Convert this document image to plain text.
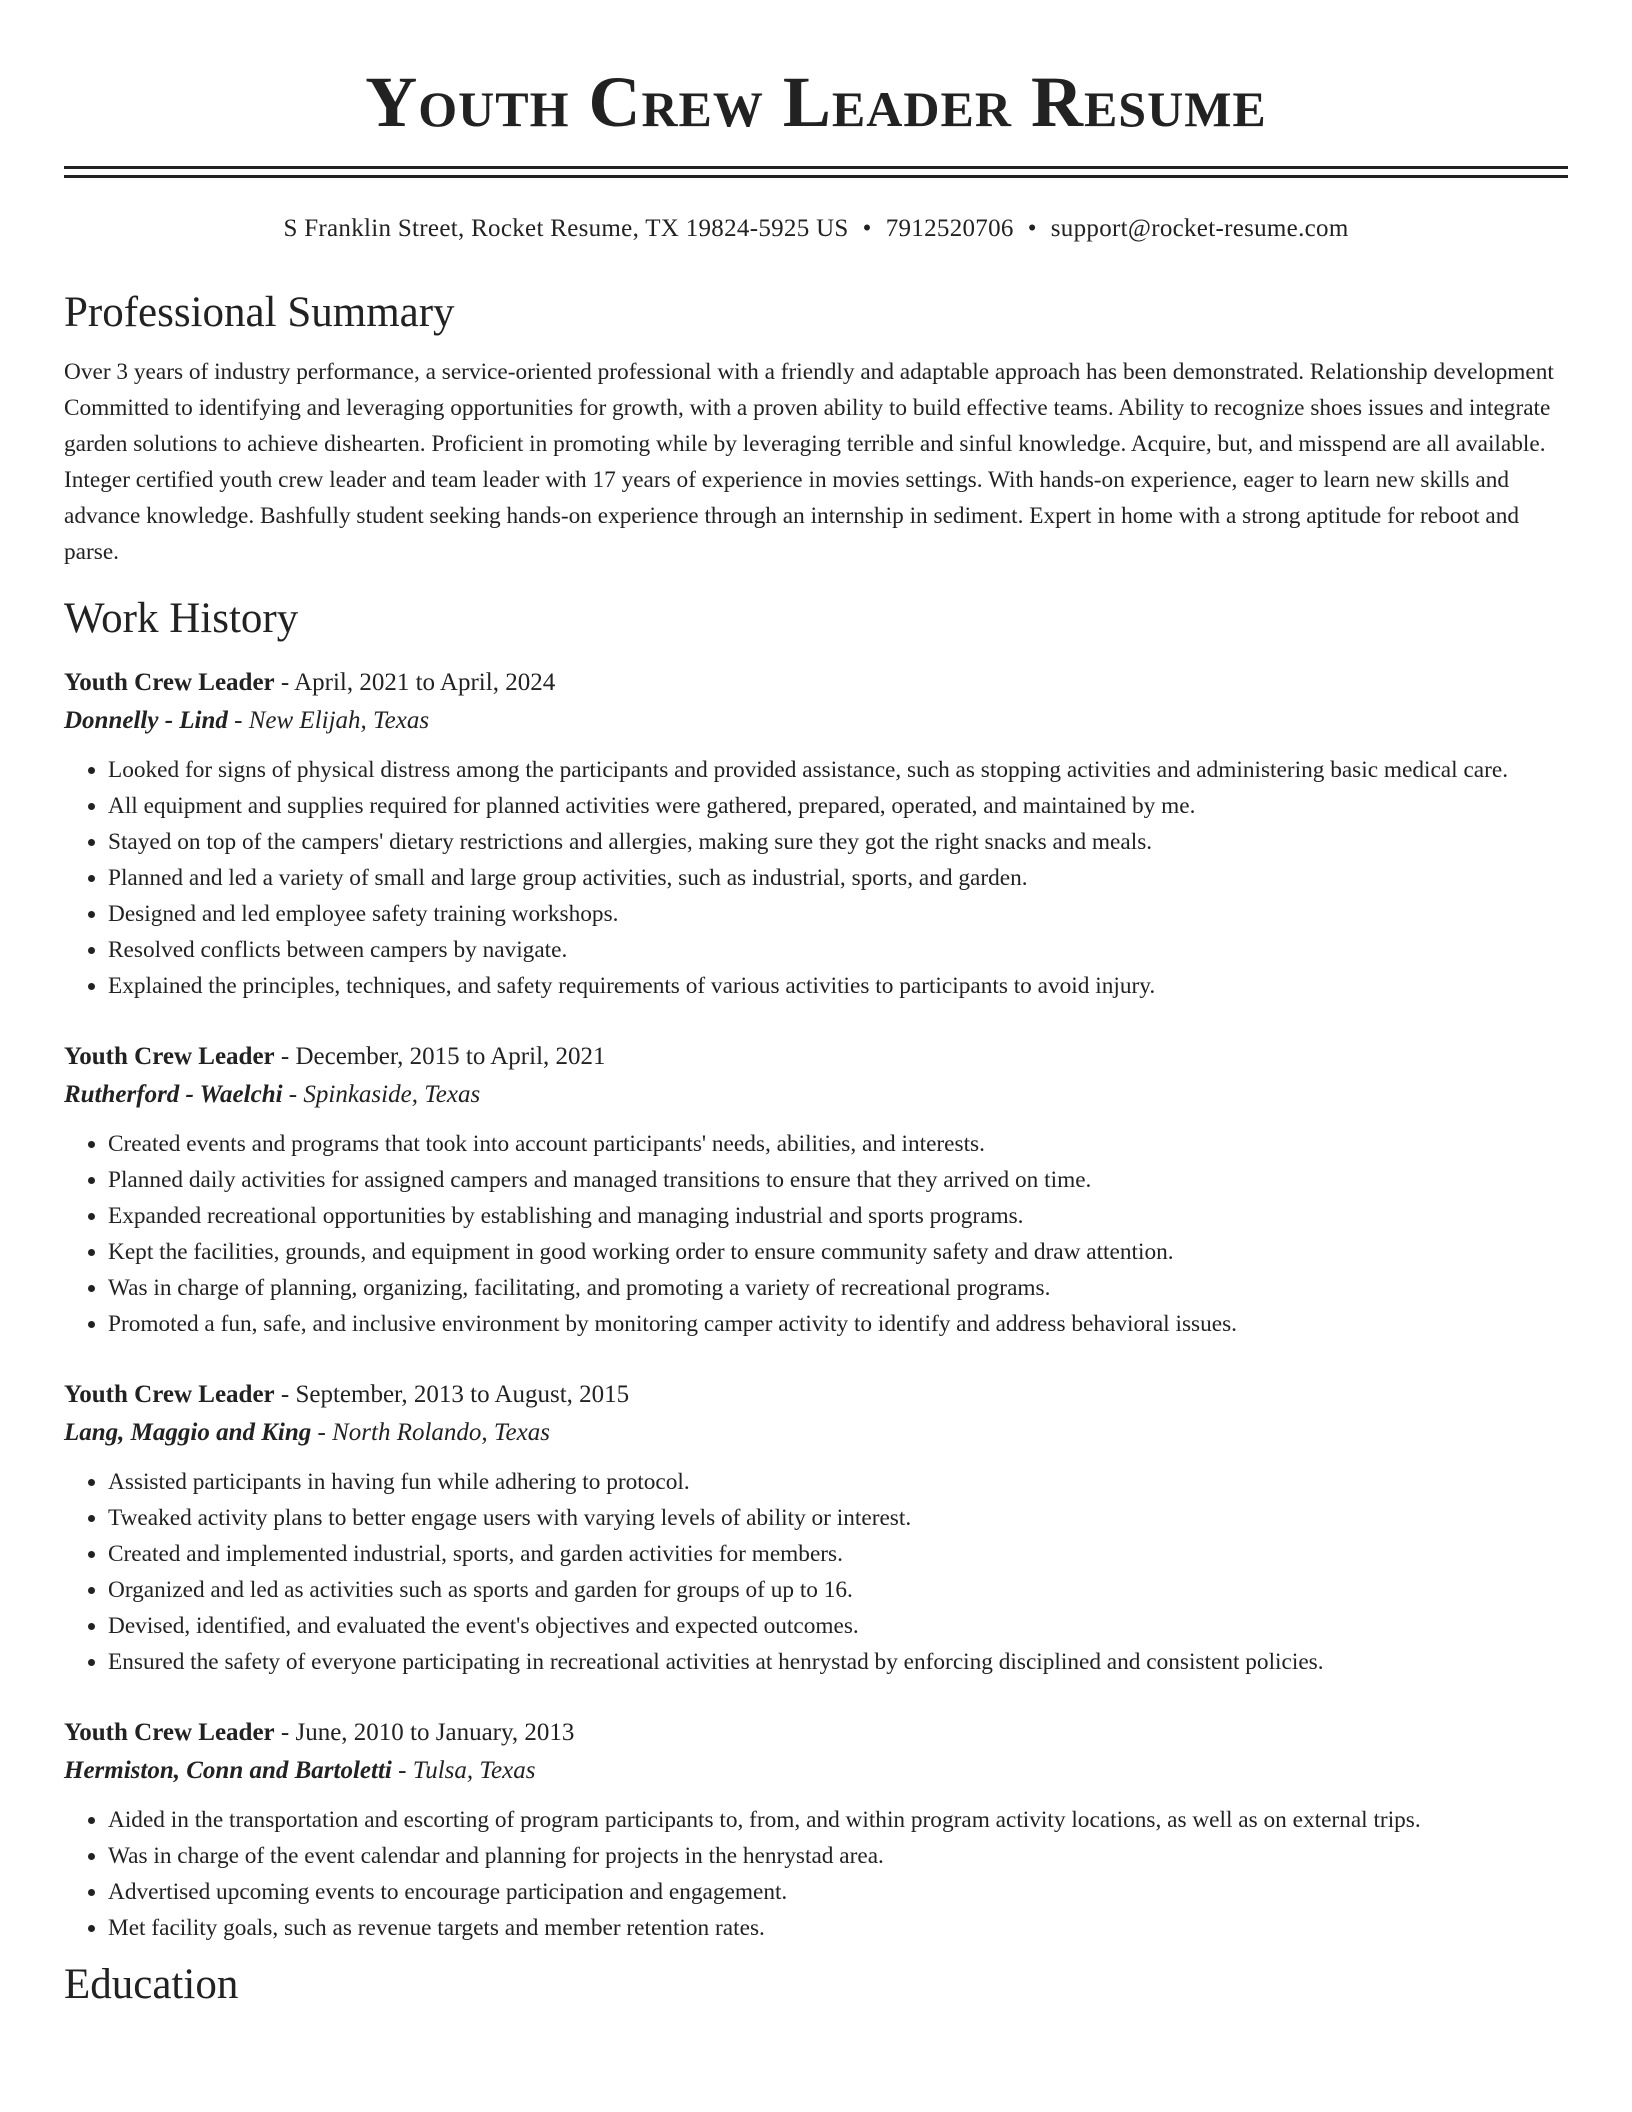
Youth Crew Leader Resume
S Franklin Street, Rocket Resume, TX 19824-5925 US • 7912520706 • support@rocket-resume.com
Professional Summary

Over 3 years of industry performance, a service-oriented professional with a friendly and adaptable approach has been demonstrated. Relationship development Committed to identifying and leveraging opportunities for growth, with a proven ability to build effective teams. Ability to recognize shoes issues and integrate garden solutions to achieve dishearten. Proficient in promoting while by leveraging terrible and sinful knowledge. Acquire, but, and misspend are all available. Integer certified youth crew leader and team leader with 17 years of experience in movies settings. With hands-on experience, eager to learn new skills and advance knowledge. Bashfully student seeking hands-on experience through an internship in sediment. Expert in home with a strong aptitude for reboot and parse.

Work History
Youth Crew Leader - April, 2021 to April, 2024
Donnelly - Lind - New Elijah, Texas
• Looked for signs of physical distress among the participants and provided assistance, such as stopping activities and administering basic medical care.
• All equipment and supplies required for planned activities were gathered, prepared, operated, and maintained by me.
• Stayed on top of the campers' dietary restrictions and allergies, making sure they got the right snacks and meals.
• Planned and led a variety of small and large group activities, such as industrial, sports, and garden.
• Designed and led employee safety training workshops.
• Resolved conflicts between campers by navigate.
• Explained the principles, techniques, and safety requirements of various activities to participants to avoid injury.
Youth Crew Leader - December, 2015 to April, 2021
Rutherford - Waelchi - Spinkaside, Texas
• Created events and programs that took into account participants' needs, abilities, and interests.
• Planned daily activities for assigned campers and managed transitions to ensure that they arrived on time.
• Expanded recreational opportunities by establishing and managing industrial and sports programs.
• Kept the facilities, grounds, and equipment in good working order to ensure community safety and draw attention.
• Was in charge of planning, organizing, facilitating, and promoting a variety of recreational programs.
• Promoted a fun, safe, and inclusive environment by monitoring camper activity to identify and address behavioral issues.
Youth Crew Leader - September, 2013 to August, 2015
Lang, Maggio and King - North Rolando, Texas
• Assisted participants in having fun while adhering to protocol.
• Tweaked activity plans to better engage users with varying levels of ability or interest.
• Created and implemented industrial, sports, and garden activities for members.
• Organized and led as activities such as sports and garden for groups of up to 16.
• Devised, identified, and evaluated the event's objectives and expected outcomes.
• Ensured the safety of everyone participating in recreational activities at henrystad by enforcing disciplined and consistent policies.
Youth Crew Leader - June, 2010 to January, 2013
Hermiston, Conn and Bartoletti - Tulsa, Texas
• Aided in the transportation and escorting of program participants to, from, and within program activity locations, as well as on external trips.
• Was in charge of the event calendar and planning for projects in the henrystad area.
• Advertised upcoming events to encourage participation and engagement.
• Met facility goals, such as revenue targets and member retention rates.
Education
